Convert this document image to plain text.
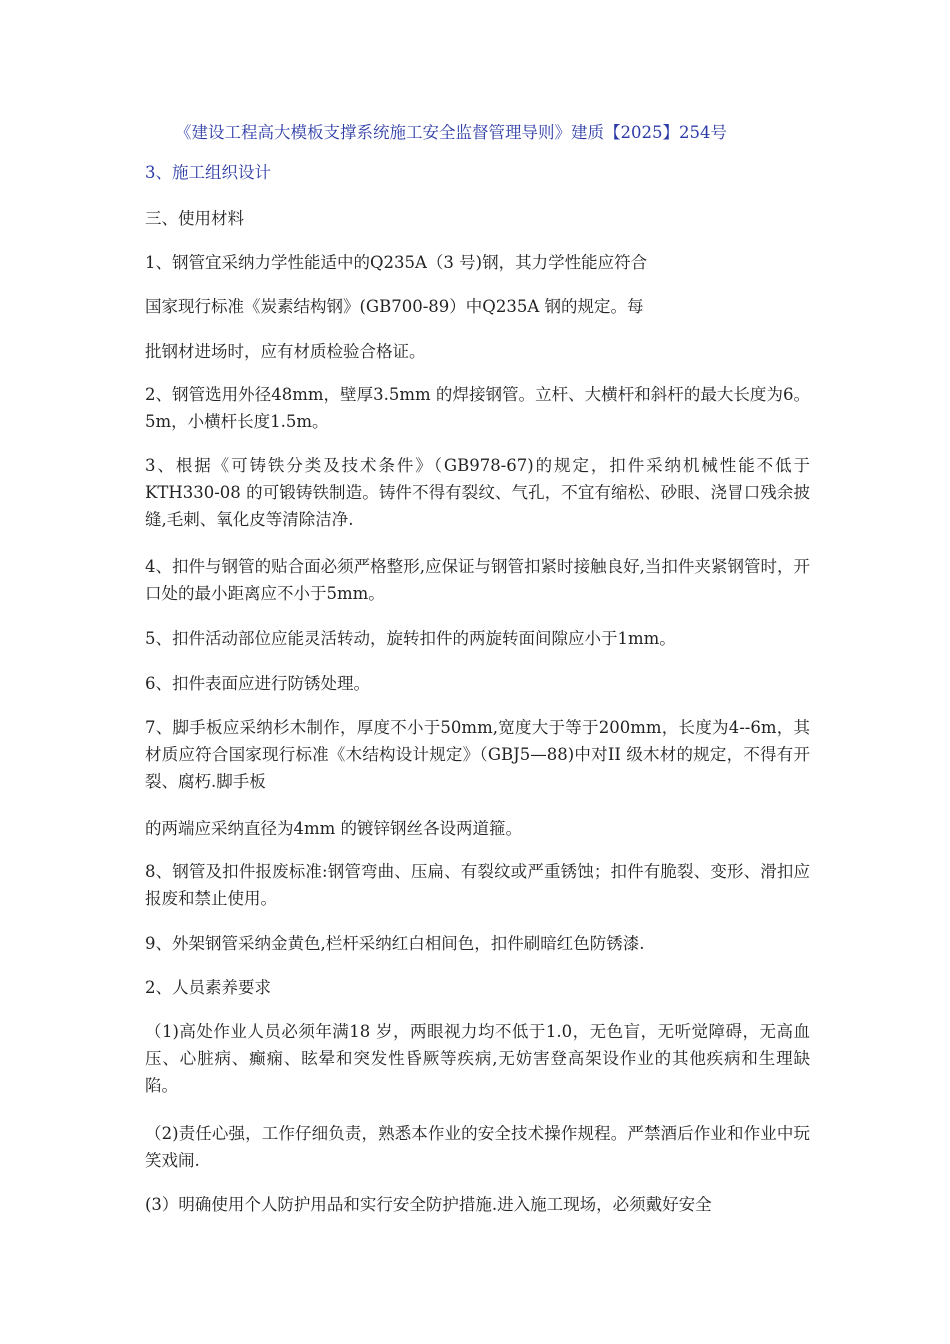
《建设工程高大模板支撑系统施工安全监督管理导则》建质【2025】254号
3、施工组织设计
三、使用材料
1、钢管宜采纳力学性能适中的Q235A（3 号)钢，其力学性能应符合
国家现行标准《炭素结构钢》(GB700-89）中Q235A 钢的规定。每
批钢材进场时，应有材质检验合格证。
2、钢管选用外径48mm，壁厚3.5mm 的焊接钢管。立杆、大横杆和斜杆的最大长度为6。5m，小横杆长度1.5m。
3、根据《可铸铁分类及技术条件》（GB978-67)的规定，扣件采纳机械性能不低于KTH330-08 的可锻铸铁制造。铸件不得有裂纹、气孔，不宜有缩松、砂眼、浇冒口残余披缝,毛刺、氧化皮等清除洁净.
4、扣件与钢管的贴合面必须严格整形,应保证与钢管扣紧时接触良好,当扣件夹紧钢管时，开口处的最小距离应不小于5mm。
5、扣件活动部位应能灵活转动，旋转扣件的两旋转面间隙应小于1mm。
6、扣件表面应进行防锈处理。
7、脚手板应采纳杉木制作，厚度不小于50mm,宽度大于等于200mm，长度为4--6m，其材质应符合国家现行标准《木结构设计规定》（GBJ5—88)中对II 级木材的规定，不得有开裂、腐朽.脚手板
的两端应采纳直径为4mm 的镀锌钢丝各设两道箍。
8、钢管及扣件报废标准:钢管弯曲、压扁、有裂纹或严重锈蚀；扣件有脆裂、变形、滑扣应报废和禁止使用。
9、外架钢管采纳金黄色,栏杆采纳红白相间色，扣件刷暗红色防锈漆.
2、人员素养要求
（1)高处作业人员必须年满18 岁，两眼视力均不低于1.0，无色盲，无听觉障碍，无高血压、心脏病、癫痫、眩晕和突发性昏厥等疾病,无妨害登高架设作业的其他疾病和生理缺陷。
（2)责任心强，工作仔细负责，熟悉本作业的安全技术操作规程。严禁酒后作业和作业中玩笑戏闹.
(3）明确使用个人防护用品和实行安全防护措施.进入施工现场，必须戴好安全
